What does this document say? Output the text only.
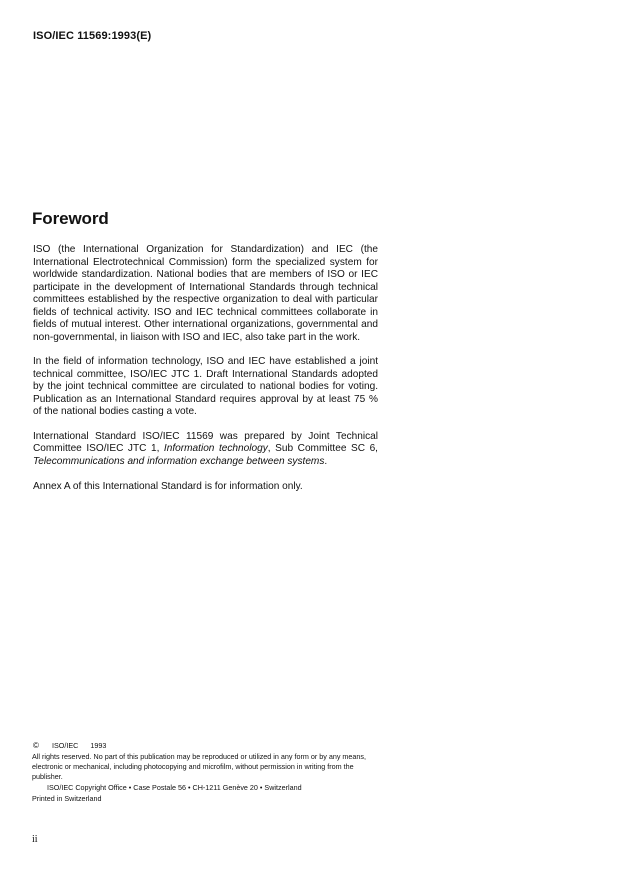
ISO/IEC 11569:1993(E)
Foreword

ISO (the International Organization for Standardization) and IEC (the International Electrotechnical Commission) form the specialized system for worldwide standardization. National bodies that are members of ISO or IEC participate in the development of International Standards through technical committees established by the respective organization to deal with particular fields of technical activity. ISO and IEC technical committees collaborate in fields of mutual interest. Other international organizations, governmental and non-governmental, in liaison with ISO and IEC, also take part in the work.

In the field of information technology, ISO and IEC have established a joint technical committee, ISO/IEC JTC 1. Draft International Standards adopted by the joint technical committee are circulated to national bodies for voting. Publication as an International Standard requires approval by at least 75 % of the national bodies casting a vote.

International Standard ISO/IEC 11569 was prepared by Joint Technical Committee ISO/IEC JTC 1, Information technology, Sub Committee SC 6, Telecommunications and information exchange between systems.

Annex A of this International Standard is for information only.

© ISO/IEC 1993
All rights reserved. No part of this publication may be reproduced or utilized in any form or by any means, electronic or mechanical, including photocopying and microfilm, without permission in writing from the publisher.
ISO/IEC Copyright Office • Case Postale 56 • CH-1211 Genève 20 • Switzerland
Printed in Switzerland
ii
